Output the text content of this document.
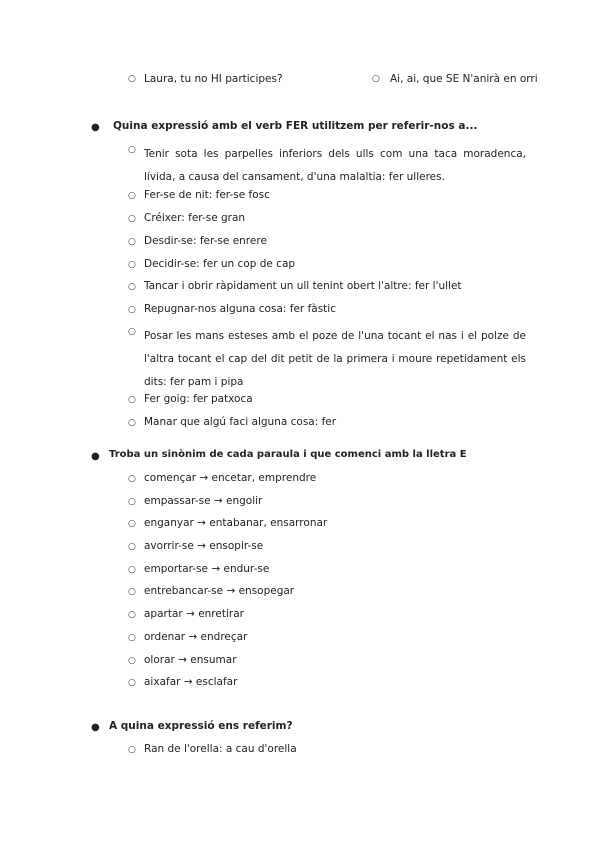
○ Laura, tu no HI participes?	○ Ai, ai, que SE N'anirà en orri
● Quina expressió amb el verb FER utilitzem per referir-nos a...
○ Tenir sota les parpelles inferiors dels ulls com una taca moradenca, lívida, a causa del cansament, d'una malaltia: fer ulleres.
○ Fer-se de nit: fer-se fosc
○ Créixer: fer-se gran
○ Desdir-se: fer-se enrere
○ Decidir-se: fer un cop de cap
○ Tancar i obrir ràpidament un ull tenint obert l'altre: fer l'ullet
○ Repugnar-nos alguna cosa: fer fàstic
○ Posar les mans esteses amb el poze de l'una tocant el nas i el polze de l'altra tocant el cap del dit petit de la primera i moure repetidament els dits: fer pam i pipa
○ Fer goig: fer patxoca
○ Manar que algú faci alguna cosa: fer
● Troba un sinònim de cada paraula i que comenci amb la lletra E
○ començar → encetar, emprendre
○ empassar-se → engolir
○ enganyar → entabanar, ensarronar
○ avorrir-se → ensopir-se
○ emportar-se → endur-se
○ entrebancar-se → ensopegar
○ apartar → enretirar
○ ordenar → endreçar
○ olorar → ensumar
○ aixafar → esclafar
● A quina expressió ens referim?
○ Ran de l'orella: a cau d'orella
